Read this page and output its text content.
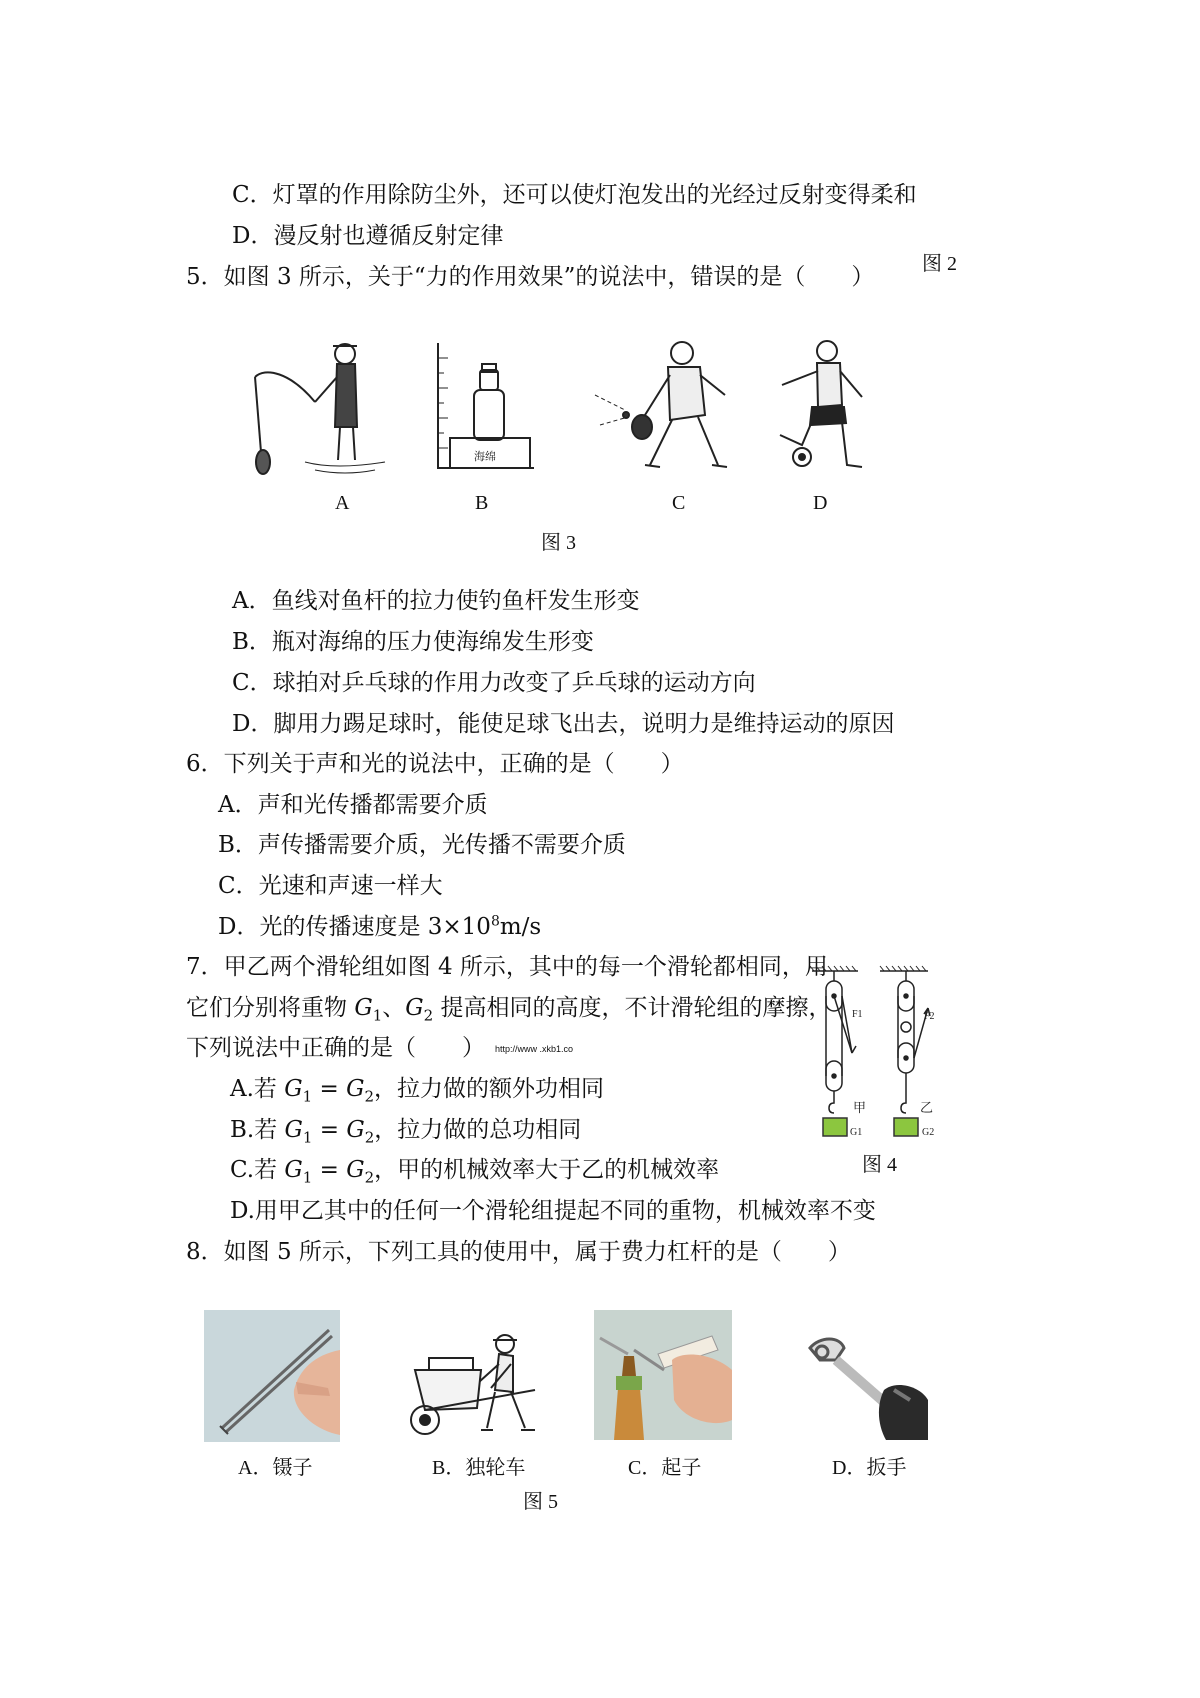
C．灯罩的作用除防尘外，还可以使灯泡发出的光经过反射变得柔和
D．漫反射也遵循反射定律
图 2
5．如图 3 所示，关于“力的作用效果”的说法中，错误的是（　　）
海绵
A	B	C	D
图 3
A．鱼线对鱼杆的拉力使钓鱼杆发生形变
B．瓶对海绵的压力使海绵发生形变
C．球拍对乒乓球的作用力改变了乒乓球的运动方向
D．脚用力踢足球时，能使足球飞出去，说明力是维持运动的原因
6．下列关于声和光的说法中，正确的是（　　）
A．声和光传播都需要介质
B．声传播需要介质，光传播不需要介质
C．光速和声速一样大
D．光的传播速度是 $3\times 10^8m/s$
7．甲乙两个滑轮组如图 4 所示，其中的每一个滑轮都相同，用
它们分别将重物 $G_1$、$G_2$ 提高相同的高度，不计滑轮组的摩擦，
下列说法中正确的是（　　） http://www .xkb1.co
A.若 $G_1 = G_2$，拉力做的额外功相同
B.若 $G_1 = G_2$，拉力做的总功相同
C.若 $G_1 = G_2$，甲的机械效率大于乙的机械效率
D.用甲乙其中的任何一个滑轮组提起不同的重物，机械效率不变
F1	F2
甲	乙
G1	G2
图 4
8．如图 5 所示，下列工具的使用中，属于费力杠杆的是（　　）
A．镊子	B．独轮车	C．起子	D．扳手
图 5
